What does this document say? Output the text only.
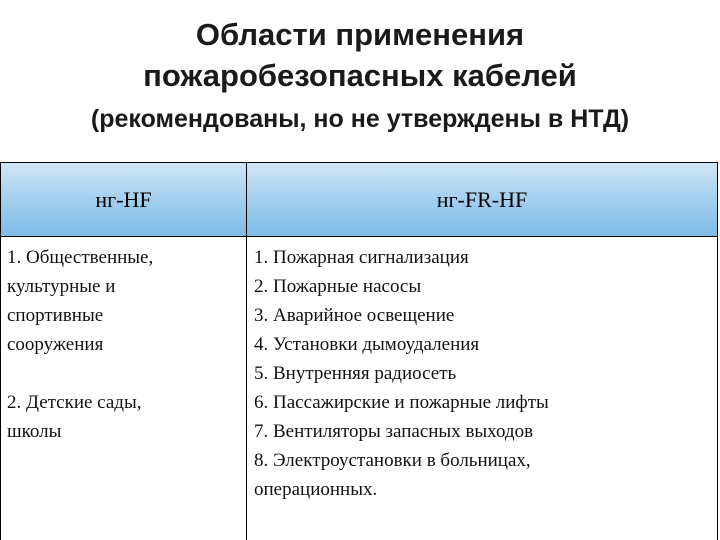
Области применения
пожаробезопасных кабелей
(рекомендованы, но не утверждены в НТД)
нг-HF	нг-FR-HF
1. Общественные,
культурные и
спортивные
сооружения
2. Детские сады,
школы
1. Пожарная сигнализация
2. Пожарные насосы
3. Аварийное освещение
4. Установки дымоудаления
5. Внутренняя радиосеть
6. Пассажирские и пожарные лифты
7. Вентиляторы запасных выходов
8. Электроустановки в больницах,
операционных.
